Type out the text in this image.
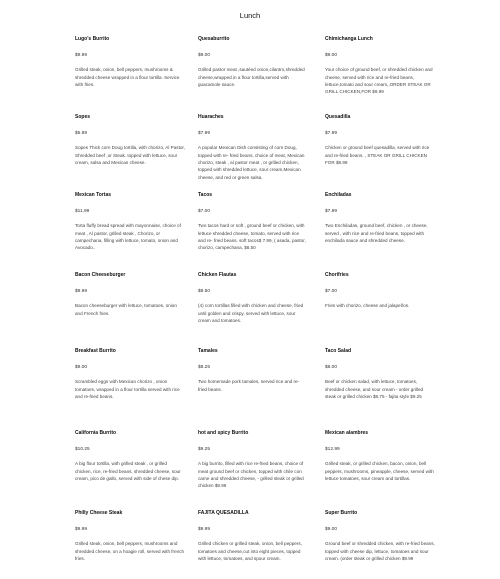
Lunch
Lugo's Burrito
$9.99
Grilled steak, onion, bell peppers, mushrooms & shredded cheese wrapped in a flour tortilla. Service with fries.
Quesaburrito
$9.00
Grilled pastor meat ,sautéed onion,cilantro,shredded cheese,wrapped in a flour tortilla,served with guacamole sauce.
Chimichanga Lunch
$9.00
Your choice of ground beef, or shredded chicken and cheese, served with rice and re-fried beans, lettuce,tomato and sour cream,,ORDER STEAK OR GRILL CHICKEN,FOR $9.99
Sopes
$5.99
Sopes Thick corn Doug tortilla, with chorizo, Al Pastor, Shredded beef ,or Steak. topped with lettuce, sour cream, salsa and Mexican cheese.
Huaraches
$7.99
A popular Mexican Dish consisting of corn Doug, topped with re- fried beans, choice of meat, Mexican chorizo, steak , al pastor meat , or grilled chicken, topped with shredded lettuce, sour cream,Mexican cheese, and red or green salsa.
Quesadilla
$7.99
Chicken or ground beef quesadilla, served with rice and re-fried beans. , STEAK OR GRILL CHICKEN FOR $8.99
Mexican Tortas
$11.99
Torta fluffy bread spread with mayonnaise, choice of meat , Al pastor, grilled steak , Chorizo, or campechana, filling with lettuce, tomato, onion and Avocado..
Tacos
$7.00
Two tacos hard or soft , ground beef or chicken, with lettuce shredded cheese, tomato, served with rice and re- fried beans. soft tacos$ 7.99, ( asada, pastor, chorizo, campechana, $8.50
Enchiladas
$7.99
Two Enchiladas, ground beef, chicken , or cheese, served , with rice and re-fried beans, topped with enchilada sauce and shredded cheese.
Bacon Cheeseburger
$9.99
Bacon cheeseburger with lettuce, tomatoes, onion and French fries.
Chicken Flautas
$8.50
(4) corn tortillas filled with chicken and cheese, fried until golden and crispy, served with lettuce, sour cream and tomatoes.
Chorifries
$7.00
Fries with chorizo, cheese and jalapeños.
Breakfast Burrito
$9.00
Scrambled eggs with Mexican chorizo , onion tomatoes, wrapped in a flour tortilla served with rice and re-fried beans.
Tamales
$8.25
Two homemade pork tamales, served rice and re-fried beans.
Taco Salad
$8.00
Beef or chicken salad, with lettuce, tomatoes, shredded cheese, and sour cream - order grilled steak or grilled chicken $8.75 - fajita style $9.25
California Burrito
$10.25
A big flour tortilla, with grilled steak , or grilled chicken, rice, re-fried beans, shredded cheese, sour cream, pico de gallo, served with side of chese dip.
hot and spicy Burrito
$9.25
A big burrito, filled with rice re-fried beans, choice of meat ground beef or chicken, topped with chile con carne and shredded cheese, - grilled steak or grilled chicken $9.99
Mexican alambres
$12.99
Grilled steak, or grilled chicken, bacon, onion, bell peppers, mushrooms, pineapple, cheese, served with lettuce tomatoes, sour cream and tortillas.
Philly Cheese Steak
$9.99
Grilled steak, onion, bell peppers, mushrooms and shredded cheese, on a hoagie roll, served with french fries.
FAJITA QUESADILLA
$9.99
Grilled chicken or grilled steak, onion, bell peppers, tomatoes and cheese,cut into eight pieces, topped with lettuce, tomatoes, and spour cream.
Super Burrito
$9.00
Ground beef or shredded chicken, with re-fried beans, topped with cheese dip, lettuce, tomatoes and sour cream. (order steak or grilled chicken $9.99
